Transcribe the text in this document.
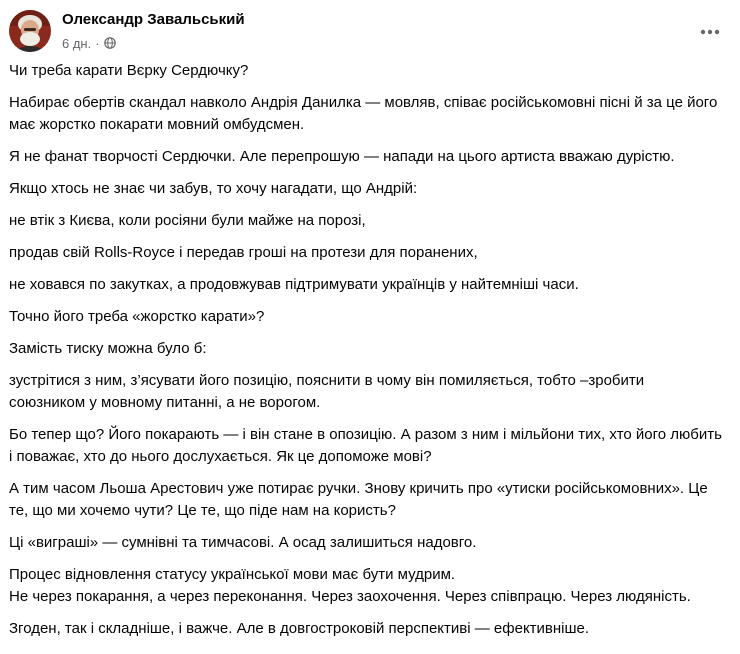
Олександр Завальський
6 дн. ·

Чи треба карати Вєрку Сердючку?

Набирає обертів скандал навколо Андрія Данилка — мовляв, співає російськомовні пісні й за це його має жорстко покарати мовний омбудсмен.

Я не фанат творчості Сердючки. Але перепрошую — напади на цього артиста вважаю дурістю.

Якщо хтось не знає чи забув, то хочу нагадати, що Андрій:

не втік з Києва, коли росіяни були майже на порозі,

продав свій Rolls-Royce і передав гроші на протези для поранених,

не ховався по закутках, а продовжував підтримувати українців у найтемніші часи.

Точно його треба «жорстко карати»?

Замість тиску можна було б:

зустрітися з ним, з’ясувати його позицію, пояснити в чому він помиляється, тобто –зробити союзником у мовному питанні, а не ворогом.

Бо тепер що? Його покарають — і він стане в опозицію. А разом з ним і мільйони тих, хто його любить і поважає, хто до нього дослухається. Як це допоможе мові?

А тим часом Льоша Арестович уже потирає ручки. Знову кричить про «утиски російськомовних». Це те, що ми хочемо чути? Це те, що піде нам на користь?

Ці «виграші» — сумнівні та тимчасові. А осад залишиться надовго.

Процес відновлення статусу української мови має бути мудрим.
Не через покарання, а через переконання. Через заохочення. Через співпрацю. Через людяність.

Згоден, так і складніше, і важче. Але в довгостроковій перспективі — ефективніше.
